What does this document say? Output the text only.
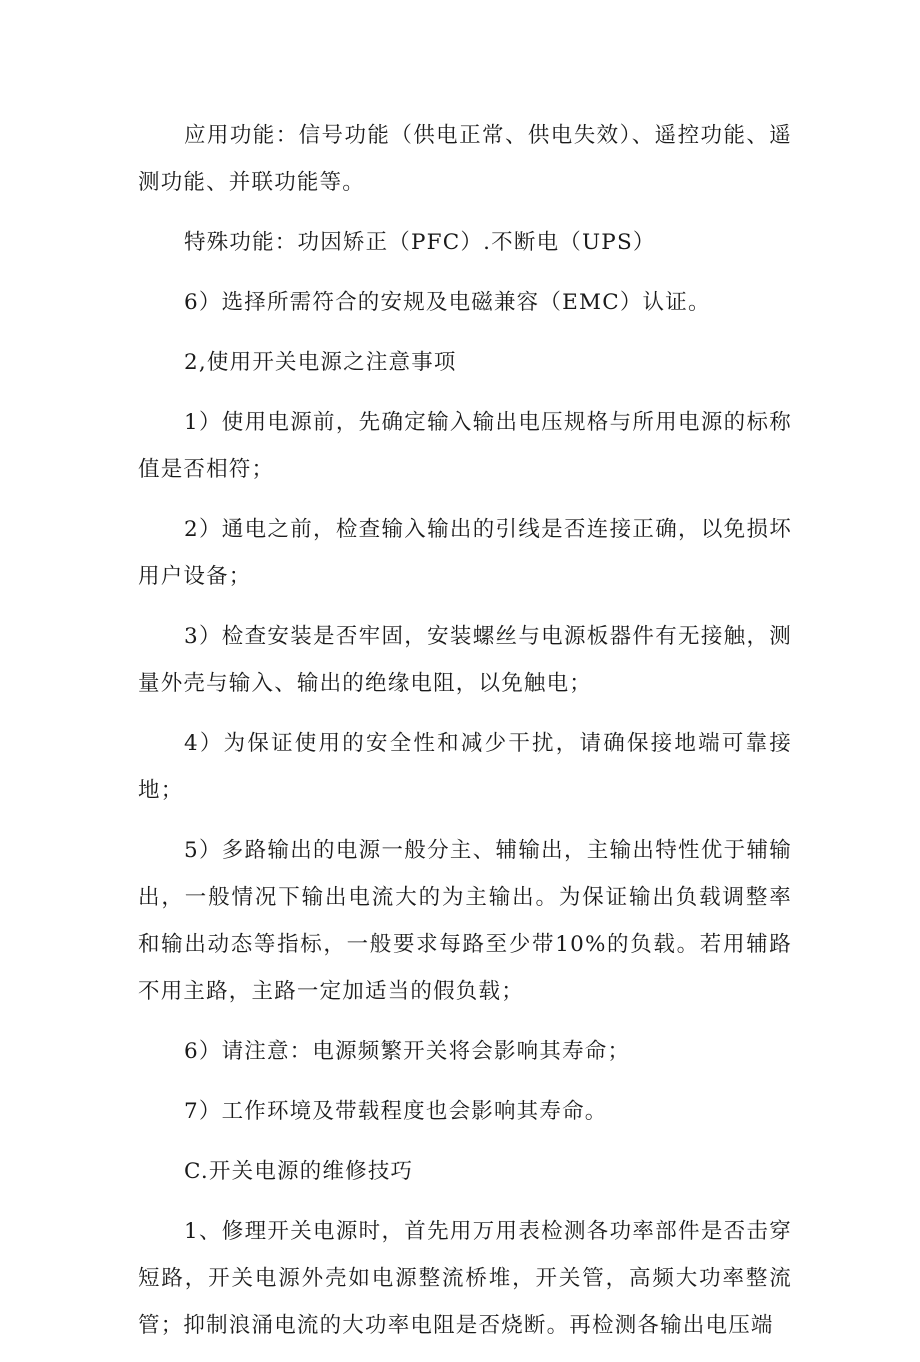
应用功能：信号功能（供电正常、供电失效）、遥控功能、遥测功能、并联功能等。

特殊功能：功因矫正（PFC）.不断电（UPS）

6）选择所需符合的安规及电磁兼容（EMC）认证。

2,使用开关电源之注意事项

1）使用电源前，先确定输入输出电压规格与所用电源的标称值是否相符；

2）通电之前，检查输入输出的引线是否连接正确，以免损坏用户设备；

3）检查安装是否牢固，安装螺丝与电源板器件有无接触，测量外壳与输入、输出的绝缘电阻，以免触电；

4）为保证使用的安全性和减少干扰，请确保接地端可靠接地；

5）多路输出的电源一般分主、辅输出，主输出特性优于辅输出，一般情况下输出电流大的为主输出。为保证输出负载调整率和输出动态等指标，一般要求每路至少带10%的负载。若用辅路不用主路，主路一定加适当的假负载；

6）请注意：电源频繁开关将会影响其寿命；

7）工作环境及带载程度也会影响其寿命。

C.开关电源的维修技巧

1、修理开关电源时，首先用万用表检测各功率部件是否击穿短路，开关电源外壳如电源整流桥堆，开关管，高频大功率整流管；抑制浪涌电流的大功率电阻是否烧断。再检测各输出电压端
